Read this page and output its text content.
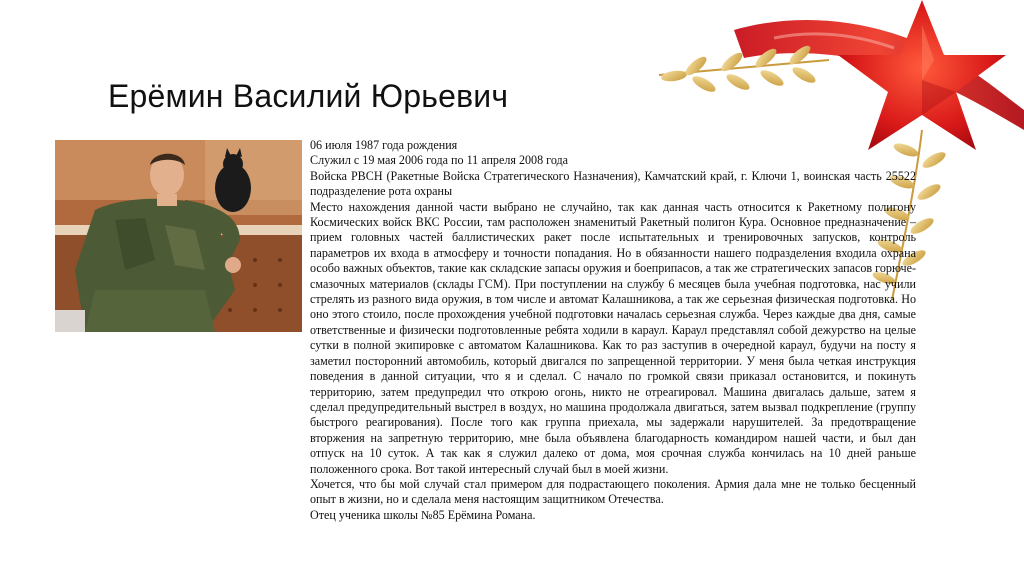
Ерёмин Василий Юрьевич

06 июля 1987 года рождения

Служил с 19 мая 2006 года по 11 апреля 2008 года

Войска РВСН (Ракетные Войска Стратегического Назначения), Камчатский край, г. Ключи 1, воинская часть 25522 подразделение рота охраны

Место нахождения данной части выбрано не случайно, так как данная часть относится к Ракетному полигону Космических войск ВКС России, там расположен знаменитый Ракетный полигон Кура. Основное предназначение – прием головных частей баллистических ракет после испытательных и тренировочных запусков, контроль параметров их входа в атмосферу и точности попадания. Но в обязанности нашего подразделения входила охрана особо важных объектов, такие как складские запасы оружия и боеприпасов, а так же стратегических запасов горюче-смазочных материалов (склады ГСМ). При поступлении на службу 6 месяцев была учебная подготовка, нас учили стрелять из разного вида оружия, в том числе и автомат Калашникова, а так же серьезная физическая подготовка. Но оно этого стоило, после прохождения учебной подготовки началась серьезная служба. Через каждые два дня, самые ответственные и физически подготовленные ребята ходили в караул. Караул представлял собой дежурство на целые сутки в полной экипировке с автоматом Калашникова. Как то раз заступив в очередной караул, будучи на посту я заметил посторонний автомобиль, который двигался по запрещенной территории. У меня была четкая инструкция поведения в данной ситуации, что я и сделал. С начало по громкой связи приказал остановится, и покинуть территорию, затем предупредил что открою огонь, никто не отреагировал. Машина двигалась дальше, затем я сделал предупредительный выстрел в воздух, но машина продолжала двигаться, затем вызвал подкрепление (группу быстрого реагирования). После того как группа приехала, мы задержали нарушителей. За предотвращение вторжения на запретную территорию, мне была объявлена благодарность командиром нашей части, и был дан отпуск на 10 суток. А так как я служил далеко от дома, моя срочная служба кончилась на 10 дней раньше положенного срока. Вот такой интересный случай был в моей жизни.

Хочется, что бы мой случай стал примером для подрастающего поколения. Армия дала мне не только бесценный опыт в жизни, но и сделала меня настоящим защитником Отечества.

Отец ученика школы №85 Ерёмина Романа.
